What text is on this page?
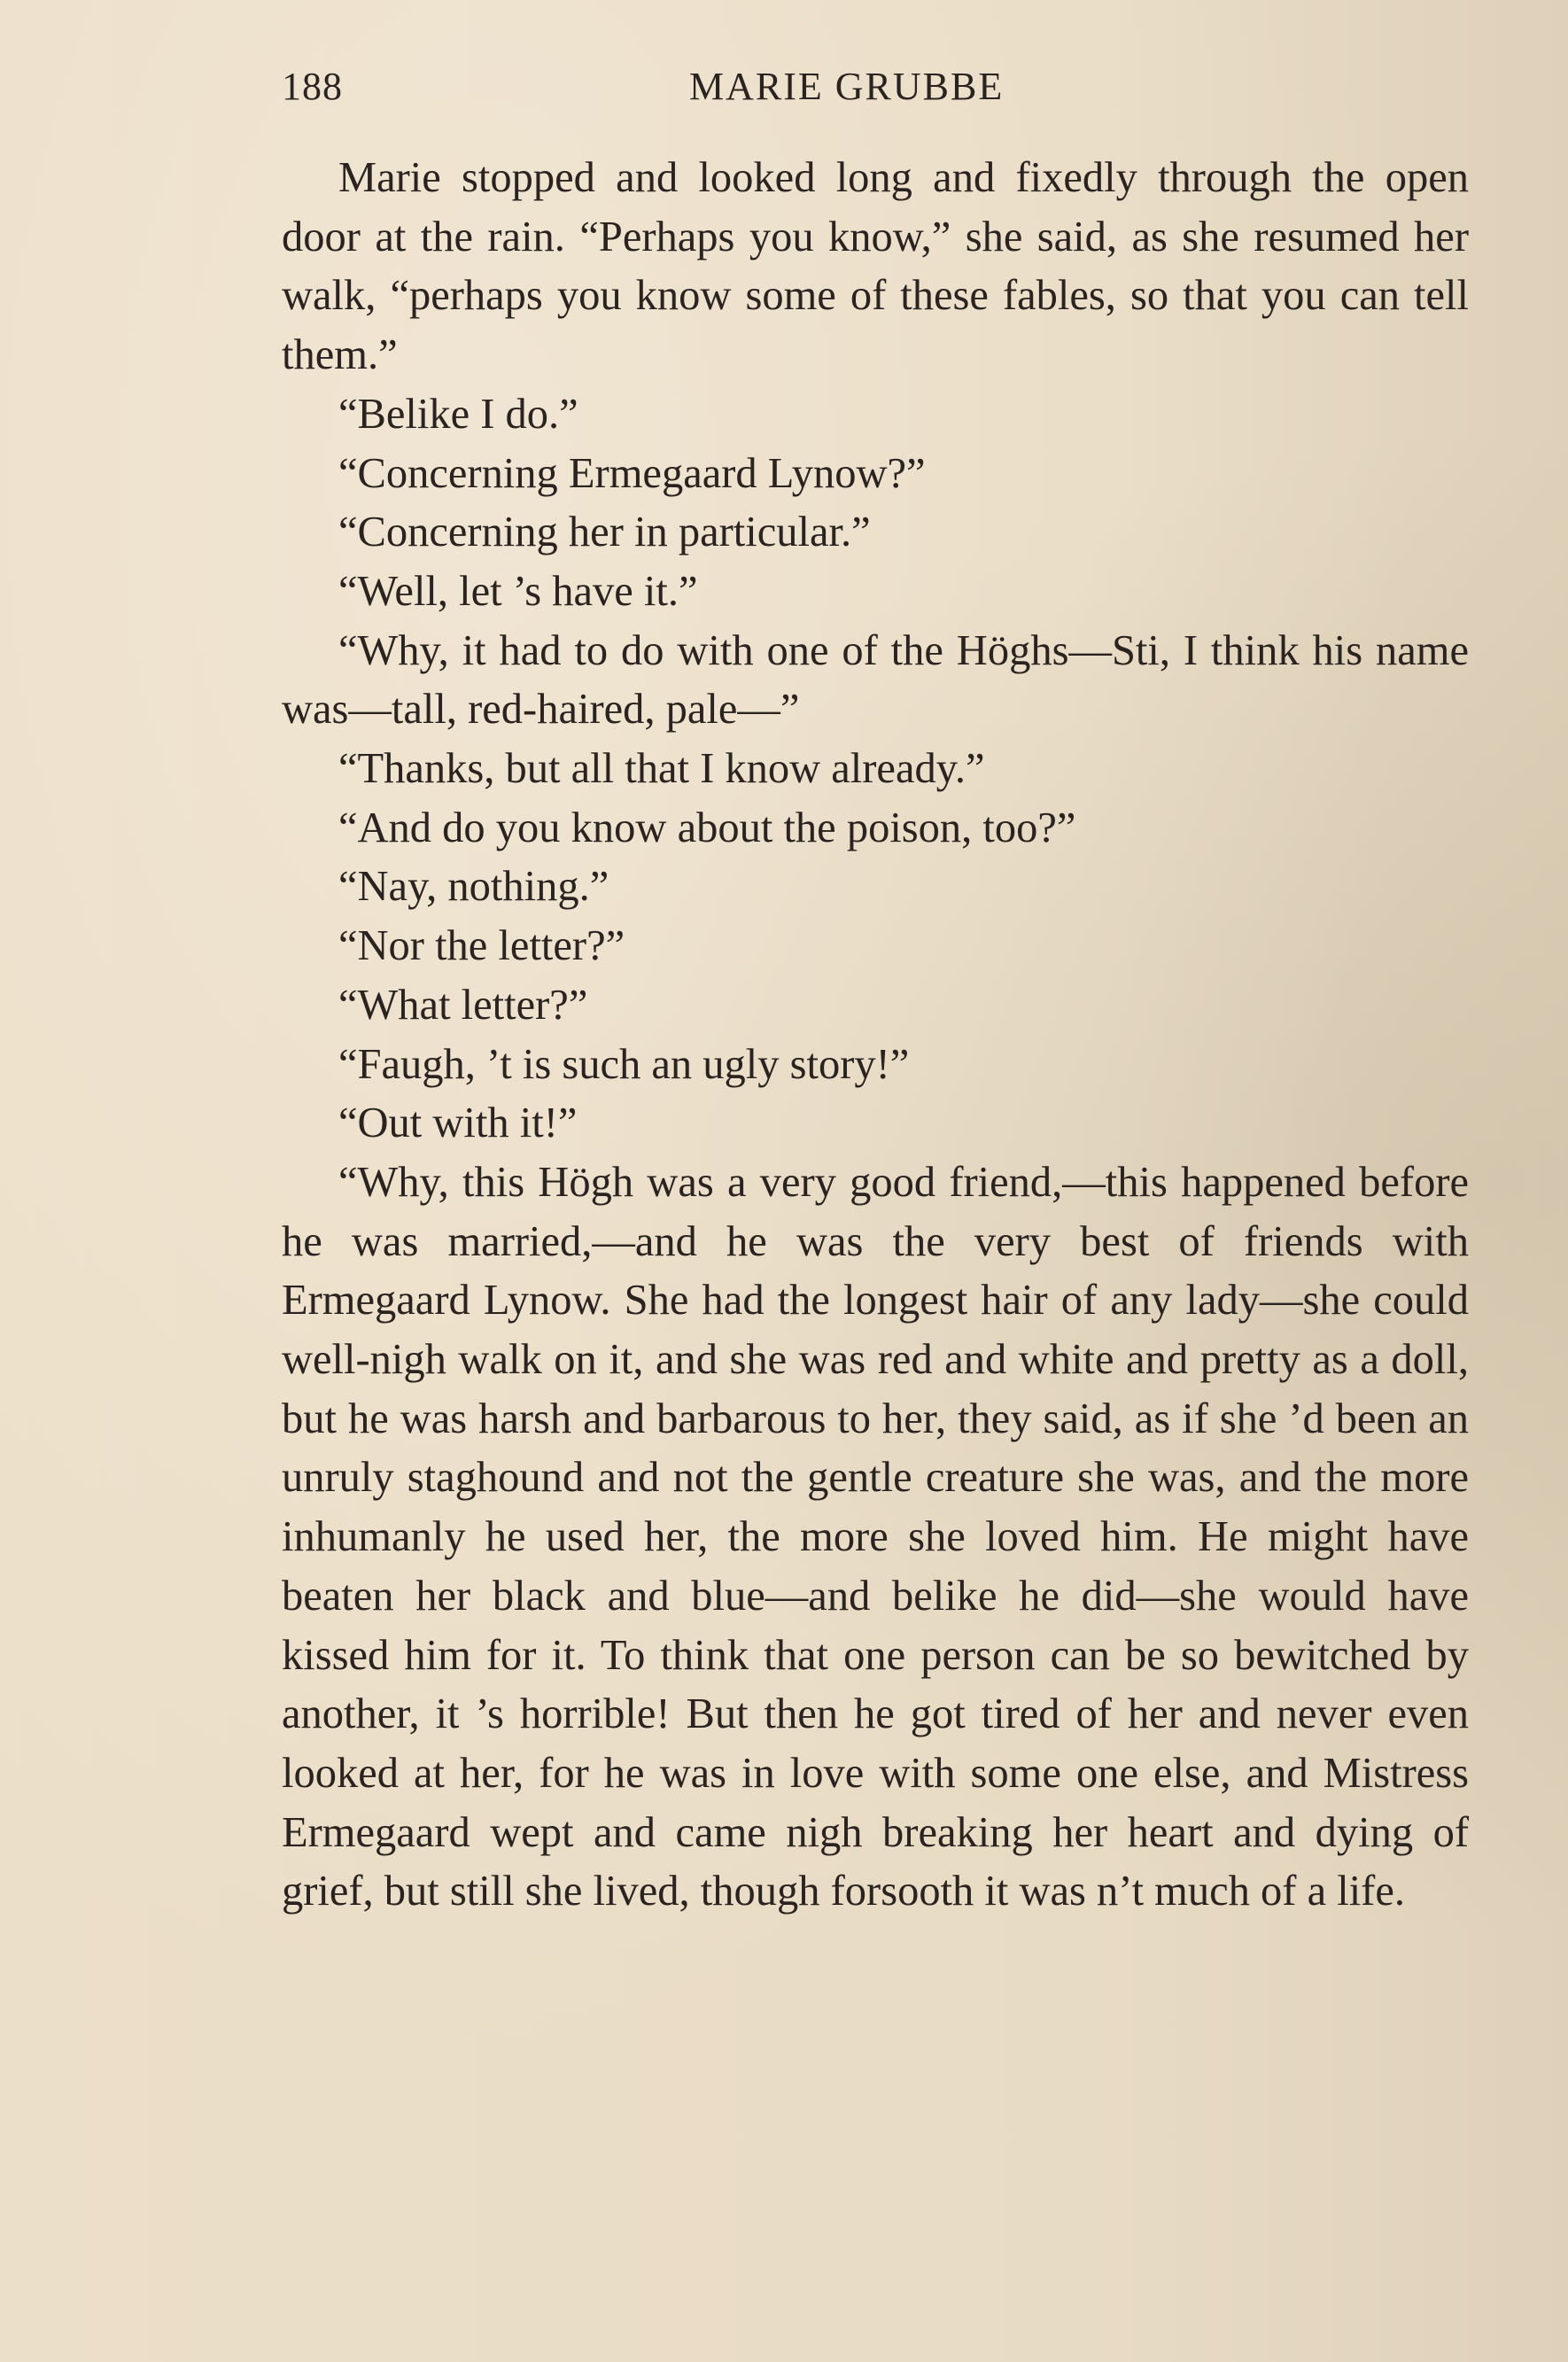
188	MARIE GRUBBE

Marie stopped and looked long and fixedly through the open door at the rain. “Perhaps you know,” she said, as she resumed her walk, “perhaps you know some of these fables, so that you can tell them.”

“Belike I do.”

“Concerning Ermegaard Lynow?”

“Concerning her in particular.”

“Well, let ’s have it.”

“Why, it had to do with one of the Höghs—Sti, I think his name was—tall, red-haired, pale—”

“Thanks, but all that I know already.”

“And do you know about the poison, too?”

“Nay, nothing.”

“Nor the letter?”

“What letter?”

“Faugh, ’t is such an ugly story!”

“Out with it!”

“Why, this Högh was a very good friend,—this happened before he was married,—and he was the very best of friends with Ermegaard Lynow. She had the longest hair of any lady—she could well-nigh walk on it, and she was red and white and pretty as a doll, but he was harsh and barbarous to her, they said, as if she ’d been an unruly staghound and not the gentle creature she was, and the more inhumanly he used her, the more she loved him. He might have beaten her black and blue—and belike he did—she would have kissed him for it. To think that one person can be so bewitched by another, it ’s horrible! But then he got tired of her and never even looked at her, for he was in love with some one else, and Mistress Ermegaard wept and came nigh breaking her heart and dying of grief, but still she lived, though forsooth it was n’t much of a life.
